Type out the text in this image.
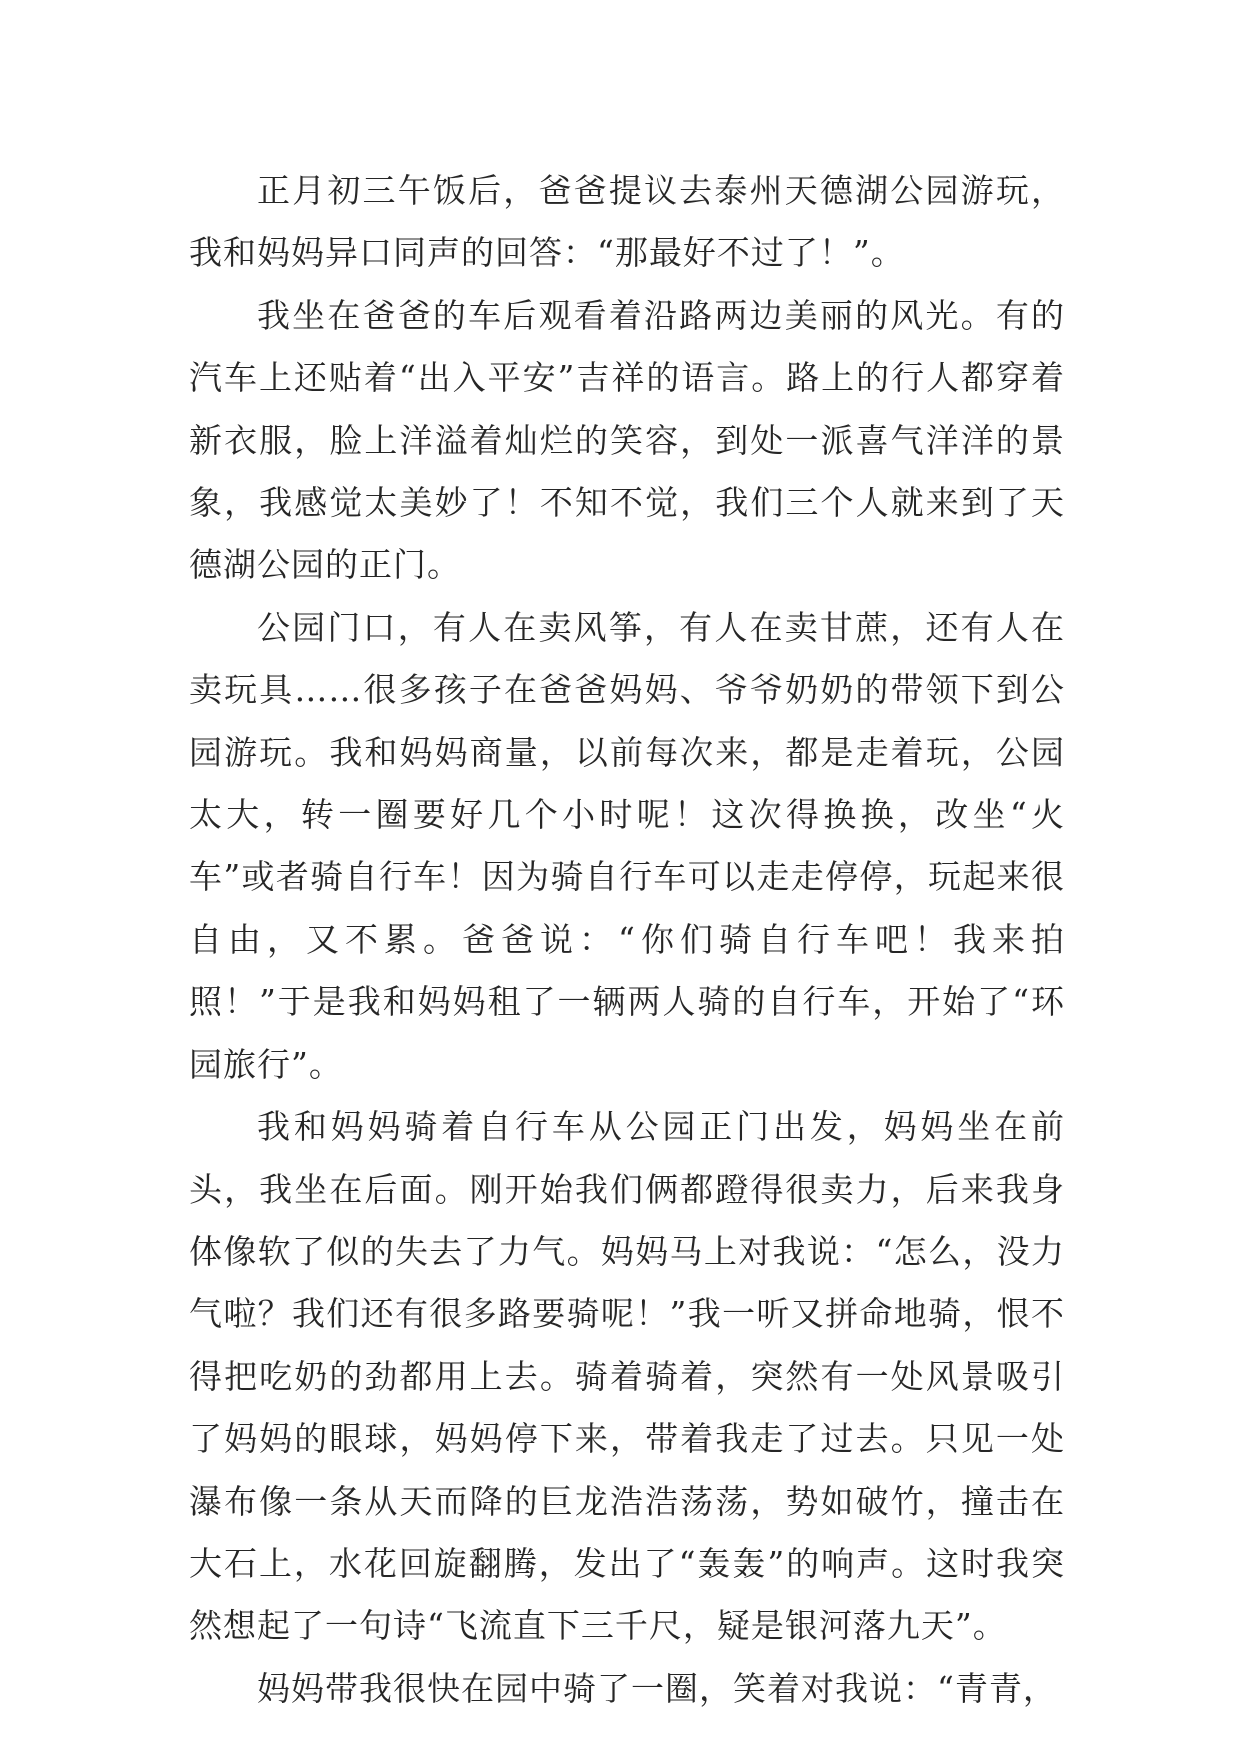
正月初三午饭后，爸爸提议去泰州天德湖公园游玩，我和妈妈异口同声的回答：“那最好不过了！”。

我坐在爸爸的车后观看着沿路两边美丽的风光。有的汽车上还贴着“出入平安”吉祥的语言。路上的行人都穿着新衣服，脸上洋溢着灿烂的笑容，到处一派喜气洋洋的景象，我感觉太美妙了！不知不觉，我们三个人就来到了天德湖公园的正门。

公园门口，有人在卖风筝，有人在卖甘蔗，还有人在卖玩具……很多孩子在爸爸妈妈、爷爷奶奶的带领下到公园游玩。我和妈妈商量，以前每次来，都是走着玩，公园太大，转一圈要好几个小时呢！这次得换换，改坐“火车”或者骑自行车！因为骑自行车可以走走停停，玩起来很自由，又不累。爸爸说：“你们骑自行车吧！我来拍照！”于是我和妈妈租了一辆两人骑的自行车，开始了“环园旅行”。

我和妈妈骑着自行车从公园正门出发，妈妈坐在前头，我坐在后面。刚开始我们俩都蹬得很卖力，后来我身体像软了似的失去了力气。妈妈马上对我说：“怎么，没力气啦？我们还有很多路要骑呢！”我一听又拼命地骑，恨不得把吃奶的劲都用上去。骑着骑着，突然有一处风景吸引了妈妈的眼球，妈妈停下来，带着我走了过去。只见一处瀑布像一条从天而降的巨龙浩浩荡荡，势如破竹，撞击在大石上，水花回旋翻腾，发出了“轰轰”的响声。这时我突然想起了一句诗“飞流直下三千尺，疑是银河落九天”。

妈妈带我很快在园中骑了一圈，笑着对我说：“青青，
